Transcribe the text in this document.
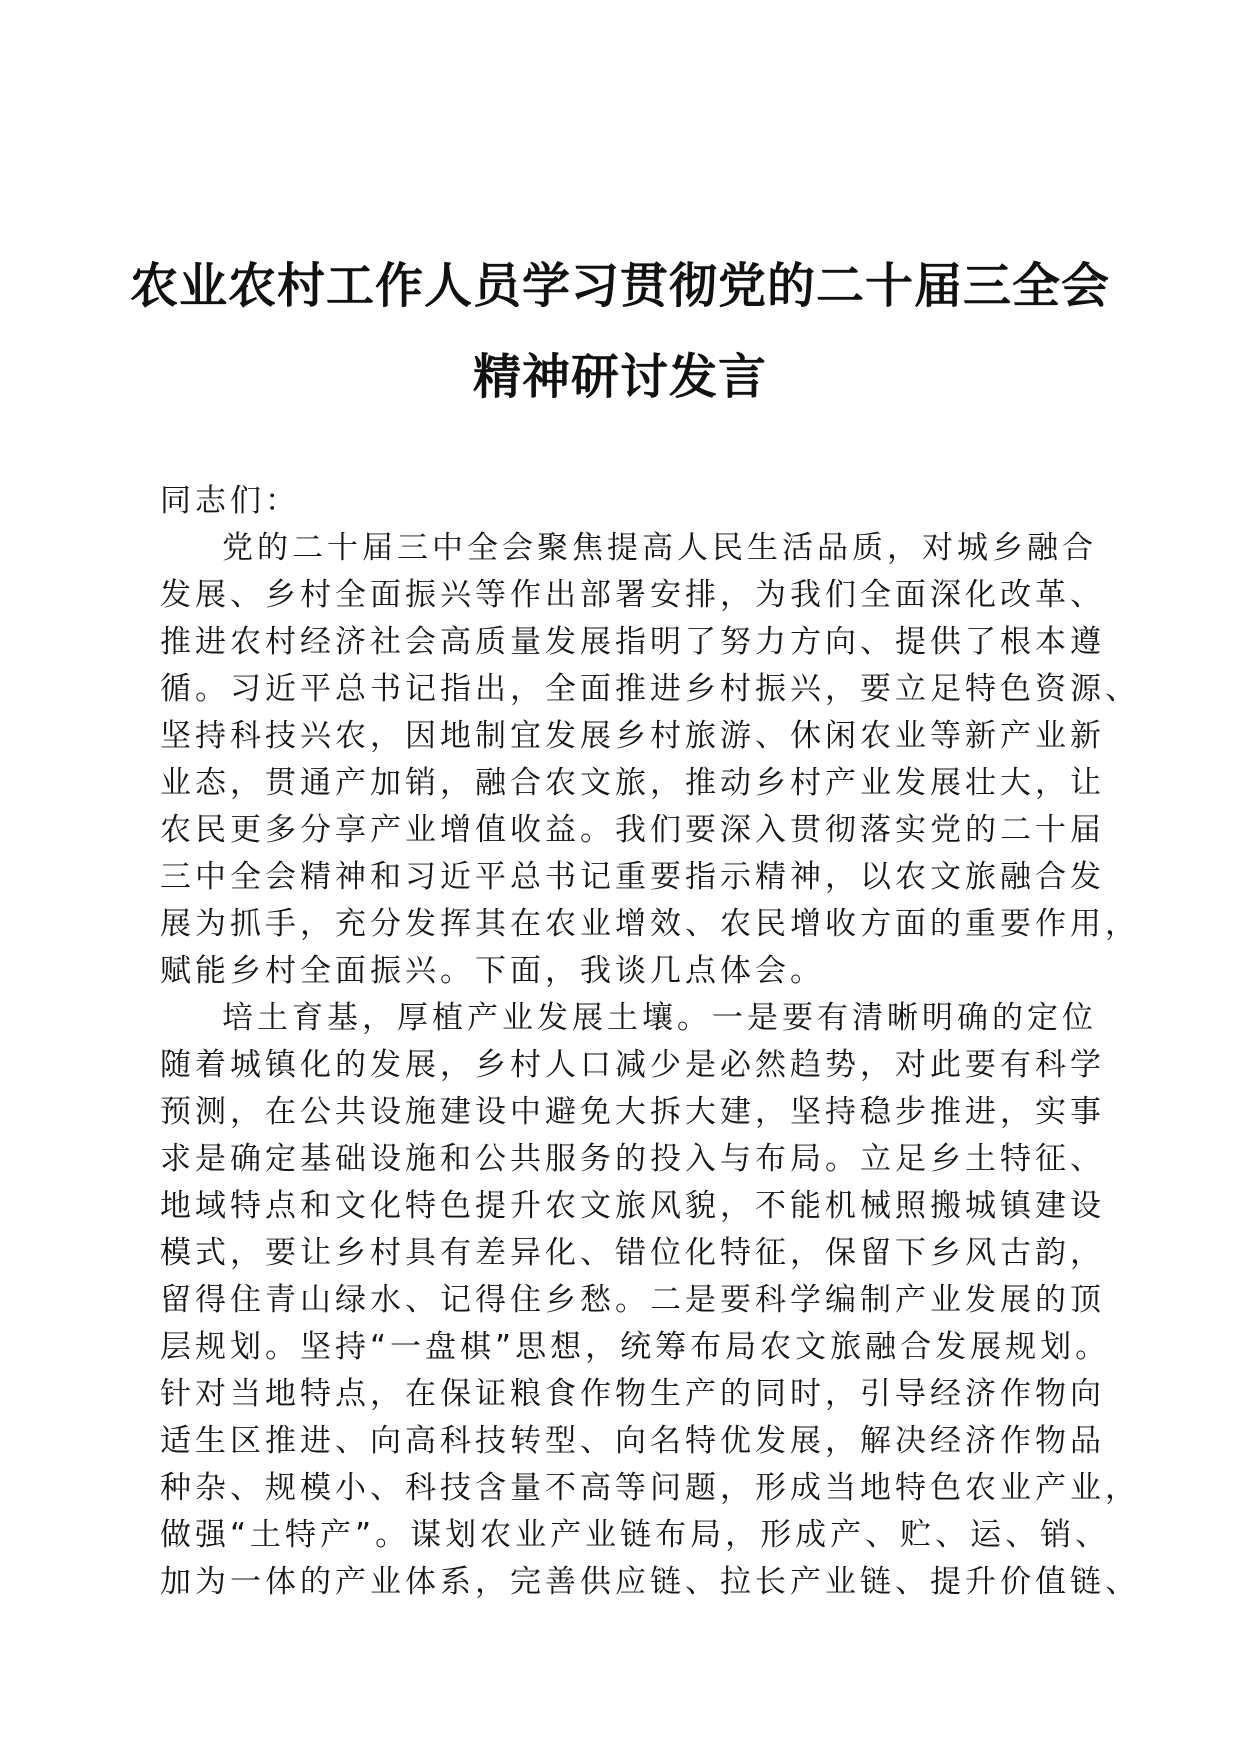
农业农村工作人员学习贯彻党的二十届三全会
精神研讨发言
同志们：
党的二十届三中全会聚焦提高人民生活品质，对城乡融合
发展、乡村全面振兴等作出部署安排，为我们全面深化改革、
推进农村经济社会高质量发展指明了努力方向、提供了根本遵
循。习近平总书记指出，全面推进乡村振兴，要立足特色资源、
坚持科技兴农，因地制宜发展乡村旅游、休闲农业等新产业新
业态，贯通产加销，融合农文旅，推动乡村产业发展壮大，让
农民更多分享产业增值收益。我们要深入贯彻落实党的二十届
三中全会精神和习近平总书记重要指示精神，以农文旅融合发
展为抓手，充分发挥其在农业增效、农民增收方面的重要作用，
赋能乡村全面振兴。下面，我谈几点体会。
培土育基，厚植产业发展土壤。一是要有清晰明确的定位
随着城镇化的发展，乡村人口减少是必然趋势，对此要有科学
预测，在公共设施建设中避免大拆大建，坚持稳步推进，实事
求是确定基础设施和公共服务的投入与布局。立足乡土特征、
地域特点和文化特色提升农文旅风貌，不能机械照搬城镇建设
模式，要让乡村具有差异化、错位化特征，保留下乡风古韵，
留得住青山绿水、记得住乡愁。二是要科学编制产业发展的顶
层规划。坚持“一盘棋”思想，统筹布局农文旅融合发展规划。
针对当地特点，在保证粮食作物生产的同时，引导经济作物向
适生区推进、向高科技转型、向名特优发展，解决经济作物品
种杂、规模小、科技含量不高等问题，形成当地特色农业产业，
做强“土特产”。谋划农业产业链布局，形成产、贮、运、销、
加为一体的产业体系，完善供应链、拉长产业链、提升价值链、
